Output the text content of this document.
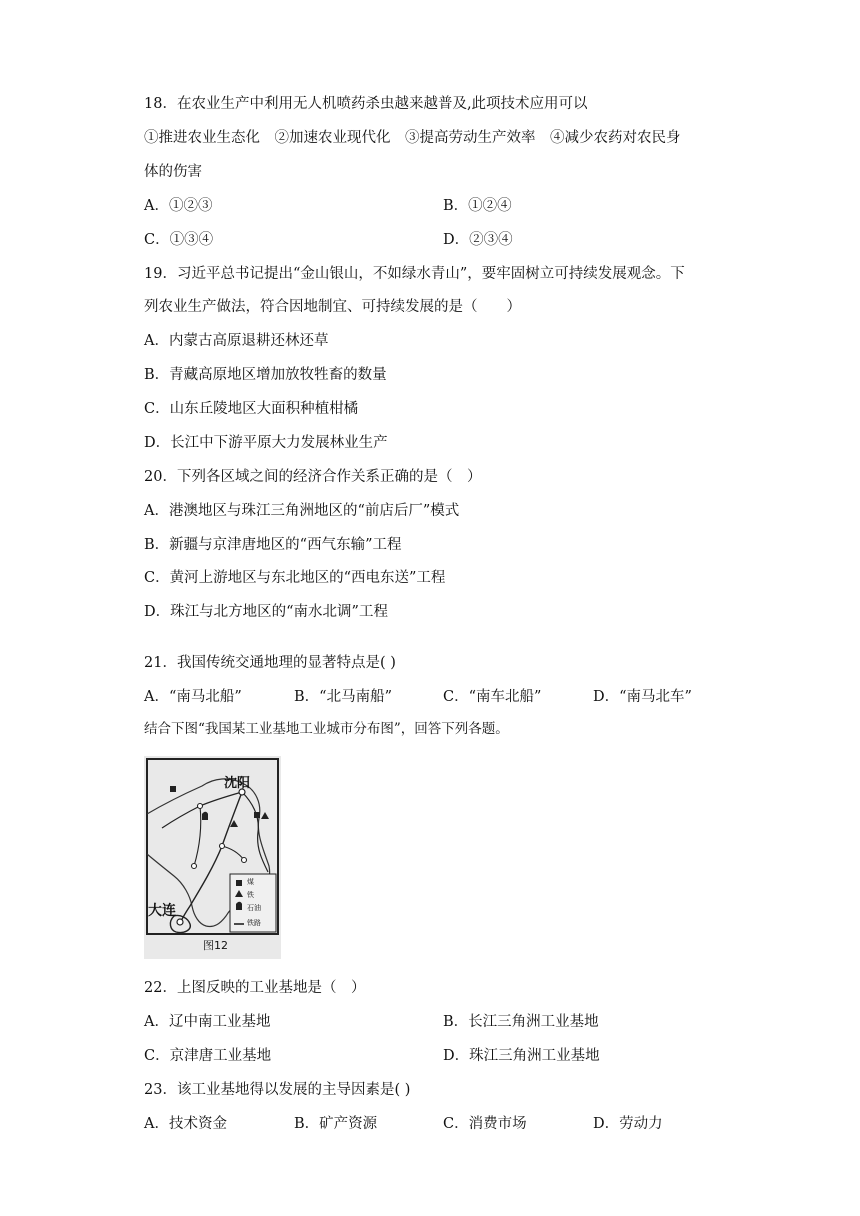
18．在农业生产中利用无人机喷药杀虫越来越普及,此项技术应用可以
①推进农业生态化　②加速农业现代化　③提高劳动生产效率　④减少农药对农民身
体的伤害
A．①②③	B．①②④
C．①③④	D．②③④
19．习近平总书记提出“金山银山，不如绿水青山”，要牢固树立可持续发展观念。下
列农业生产做法，符合因地制宜、可持续发展的是（　　）
A．内蒙古高原退耕还林还草
B．青藏高原地区增加放牧牲畜的数量
C．山东丘陵地区大面积种植柑橘
D．长江中下游平原大力发展林业生产
20．下列各区域之间的经济合作关系正确的是（　）
A．港澳地区与珠江三角洲地区的“前店后厂”模式
B．新疆与京津唐地区的“西气东输”工程
C．黄河上游地区与东北地区的“西电东送”工程
D．珠江与北方地区的“南水北调”工程
21．我国传统交通地理的显著特点是( )
A．“南马北船”	B．“北马南船”	C．“南车北船”	D．“南马北车”
结合下图“我国某工业基地工业城市分布图”，回答下列各题。
沈阳
大连
煤
铁
石油
铁路
图12
22．上图反映的工业基地是（　）
A．辽中南工业基地	B．长江三角洲工业基地
C．京津唐工业基地	D．珠江三角洲工业基地
23．该工业基地得以发展的主导因素是( )
A．技术资金	B．矿产资源	C．消费市场	D．劳动力
